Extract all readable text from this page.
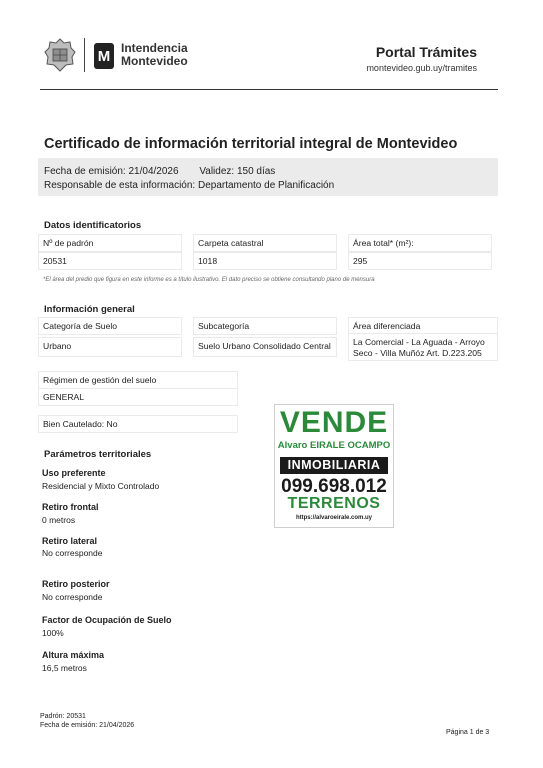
M Intendencia
Montevideo
Portal Trámites
montevideo.gub.uy/tramites
Certificado de información territorial integral de Montevideo
Fecha de emisión: 21/04/2026 Validez: 150 días
Responsable de esta información: Departamento de Planificación
Datos identificatorios
Nº de padrón
20531
Carpeta catastral
1018
Área total* (m²):
295
*El área del predio que figura en este informe es a título ilustrativo. El dato preciso se obtiene consultando plano de mensura
Información general
Categoría de Suelo
Urbano
Subcategoría
Suelo Urbano Consolidado Central
Área diferenciada
La Comercial - La Aguada - Arroyo
Seco - Villa Muñóz Art. D.223.205
Régimen de gestión del suelo
GENERAL
Bien Cautelado: No
Parámetros territoriales
Uso preferente
Residencial y Mixto Controlado
Retiro frontal
0 metros
Retiro lateral
No corresponde
Retiro posterior
No corresponde
Factor de Ocupación de Suelo
100%
Altura máxima
16,5 metros
VENDE
Alvaro EIRALE OCAMPO
INMOBILIARIA
099.698.012
TERRENOS
https://alvaroeirale.com.uy
Padrón: 20531
Fecha de emisión: 21/04/2026
Página 1 de 3
